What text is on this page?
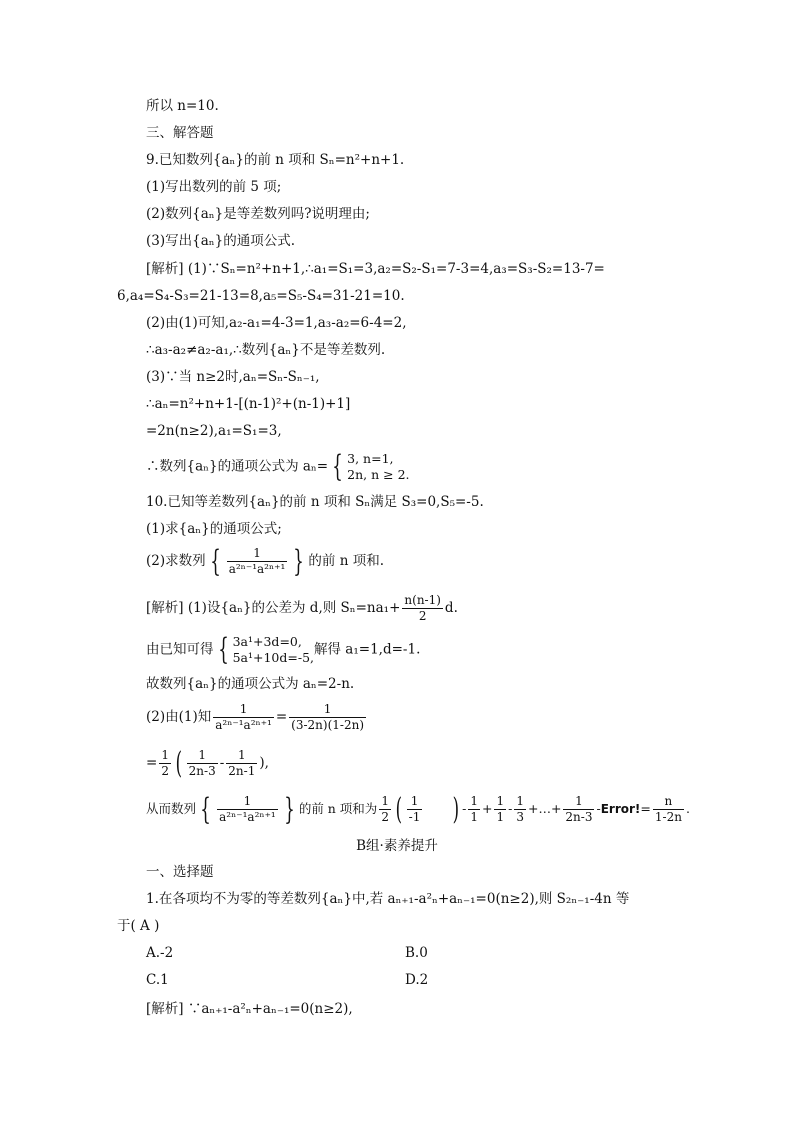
所以 n=10.
三、解答题
9.已知数列{aₙ}的前 n 项和 Sₙ=n²+n+1.
(1)写出数列的前 5 项;
(2)数列{aₙ}是等差数列吗?说明理由;
(3)写出{aₙ}的通项公式.
[解析] (1)∵Sₙ=n²+n+1,∴a₁=S₁=3,a₂=S₂-S₁=7-3=4,a₃=S₃-S₂=13-7=
6,a₄=S₄-S₃=21-13=8,a₅=S₅-S₄=31-21=10.
(2)由(1)可知,a₂-a₁=4-3=1,a₃-a₂=6-4=2,
∴a₃-a₂≠a₂-a₁,∴数列{aₙ}不是等差数列.
(3)∵当 n≥2时,aₙ=Sₙ-Sₙ₋₁,
∴aₙ=n²+n+1-[(n-1)²+(n-1)+1]
=2n(n≥2),a₁=S₁=3,
∴数列{aₙ}的通项公式为 aₙ= { 3, n=1,
2n, n ≥ 2.
10.已知等差数列{aₙ}的前 n 项和 Sₙ满足 S₃=0,S₅=-5.
(1)求{aₙ}的通项公式;
(2)求数列 { $\frac{1}{\text{a²ⁿ⁻¹a²ⁿ⁺¹}}$ } 的前 n 项和.
[解析] (1)设{aₙ}的公差为 d,则 $S_n=na_1+ \frac{n(n-1)}{2} d$.
由已知可得 { 3a¹+3d=0,
5a¹+10d=-5, 解得 a₁=1,d=-1.
故数列{aₙ}的通项公式为 aₙ=2-n.
(2)由(1)知 $\frac{1}{\text{a²ⁿ⁻¹a²ⁿ⁺¹}} = \frac{1}{(3-2n)(1-2n)}$
= $\frac{1}{2}$ ( $\frac{1}{2n-3} - \frac{1}{2n-1}$ ),
从而数列 { $\frac{1}{\text{a²ⁿ⁻¹a²ⁿ⁺¹}}$ } 的前 n 项和为 $\frac{1}{2}$ ( $\frac{1}{-1}$ ) - $\frac{1}{1} + \frac{1}{1} - \frac{1}{3}$ +…+ $\frac{1}{2n-3}$ -Error!= $\frac{n}{1-2n}$ .
B组·素养提升
一、选择题
1.在各项均不为零的等差数列{aₙ}中,若 aₙ₊₁-a²ₙ+aₙ₋₁=0(n≥2),则 S₂ₙ₋₁-4n 等
于( A )
A.-2	B.0
C.1	D.2
[解析] ∵aₙ₊₁-a²ₙ+aₙ₋₁=0(n≥2),
